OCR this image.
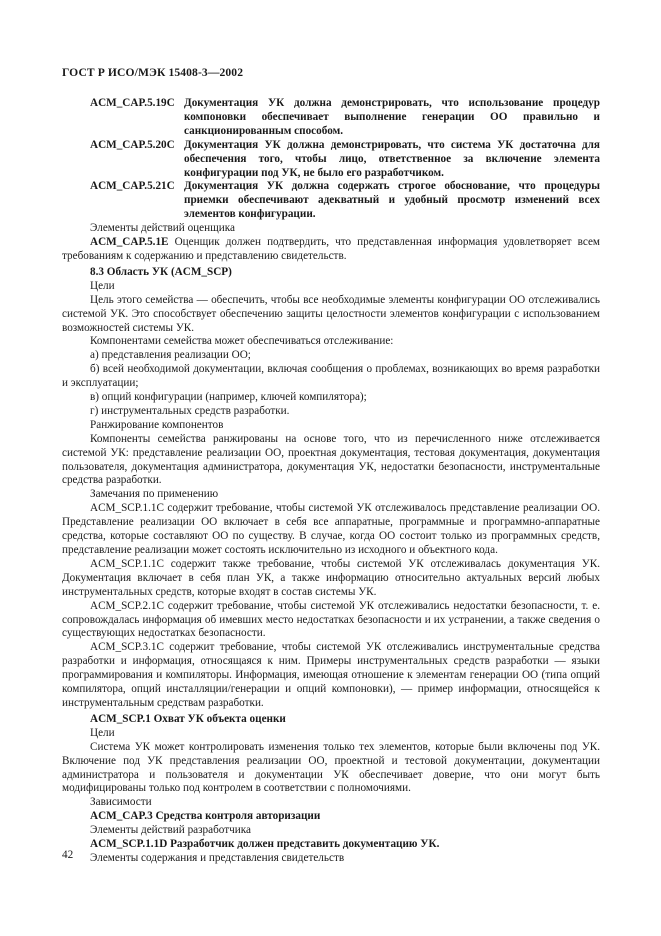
ГОСТ Р ИСО/МЭК 15408-3—2002
ACM_CAP.5.19C Документация УК должна демонстрировать, что использование процедур компоновки обеспечивает выполнение генерации ОО правильно и санкционированным способом.
ACM_CAP.5.20C Документация УК должна демонстрировать, что система УК достаточна для обеспечения того, чтобы лицо, ответственное за включение элемента конфигурации под УК, не было его разработчиком.
ACM_CAP.5.21C Документация УК должна содержать строгое обоснование, что процедуры приемки обеспечивают адекватный и удобный просмотр изменений всех элементов конфигурации.

Элементы действий оценщика

ACM_CAP.5.1E Оценщик должен подтвердить, что представленная информация удовлетворяет всем требованиям к содержанию и представлению свидетельств.

8.3 Область УК (ACM_SCP)

Цели

Цель этого семейства — обеспечить, чтобы все необходимые элементы конфигурации ОО отслеживались системой УК. Это способствует обеспечению защиты целостности элементов конфигурации с использованием возможностей системы УК.

Компонентами семейства может обеспечиваться отслеживание:

а) представления реализации ОО;

б) всей необходимой документации, включая сообщения о проблемах, возникающих во время разработки и эксплуатации;

в) опций конфигурации (например, ключей компилятора);

г) инструментальных средств разработки.

Ранжирование компонентов

Компоненты семейства ранжированы на основе того, что из перечисленного ниже отслеживается системой УК: представление реализации ОО, проектная документация, тестовая документация, документация пользователя, документация администратора, документация УК, недостатки безопасности, инструментальные средства разработки.

Замечания по применению

ACM_SCP.1.1C содержит требование, чтобы системой УК отслеживалось представление реализации ОО. Представление реализации ОО включает в себя все аппаратные, программные и программно-аппаратные средства, которые составляют ОО по существу. В случае, когда ОО состоит только из программных средств, представление реализации может состоять исключительно из исходного и объектного кода.

ACM_SCP.1.1C содержит также требование, чтобы системой УК отслеживалась документация УК. Документация включает в себя план УК, а также информацию относительно актуальных версий любых инструментальных средств, которые входят в состав системы УК.

ACM_SCP.2.1C содержит требование, чтобы системой УК отслеживались недостатки безопасности, т. е. сопровождалась информация об имевших место недостатках безопасности и их устранении, а также сведения о существующих недостатках безопасности.

ACM_SCP.3.1C содержит требование, чтобы системой УК отслеживались инструментальные средства разработки и информация, относящаяся к ним. Примеры инструментальных средств разработки — языки программирования и компиляторы. Информация, имеющая отношение к элементам генерации ОО (типа опций компилятора, опций инсталляции/генерации и опций компоновки), — пример информации, относящейся к инструментальным средствам разработки.

ACM_SCP.1 Охват УК объекта оценки

Цели

Система УК может контролировать изменения только тех элементов, которые были включены под УК. Включение под УК представления реализации ОО, проектной и тестовой документации, документации администратора и пользователя и документации УК обеспечивает доверие, что они могут быть модифицированы только под контролем в соответствии с полномочиями.

Зависимости

ACM_CAP.3 Средства контроля авторизации

Элементы действий разработчика

ACM_SCP.1.1D Разработчик должен представить документацию УК.

Элементы содержания и представления свидетельств

42
